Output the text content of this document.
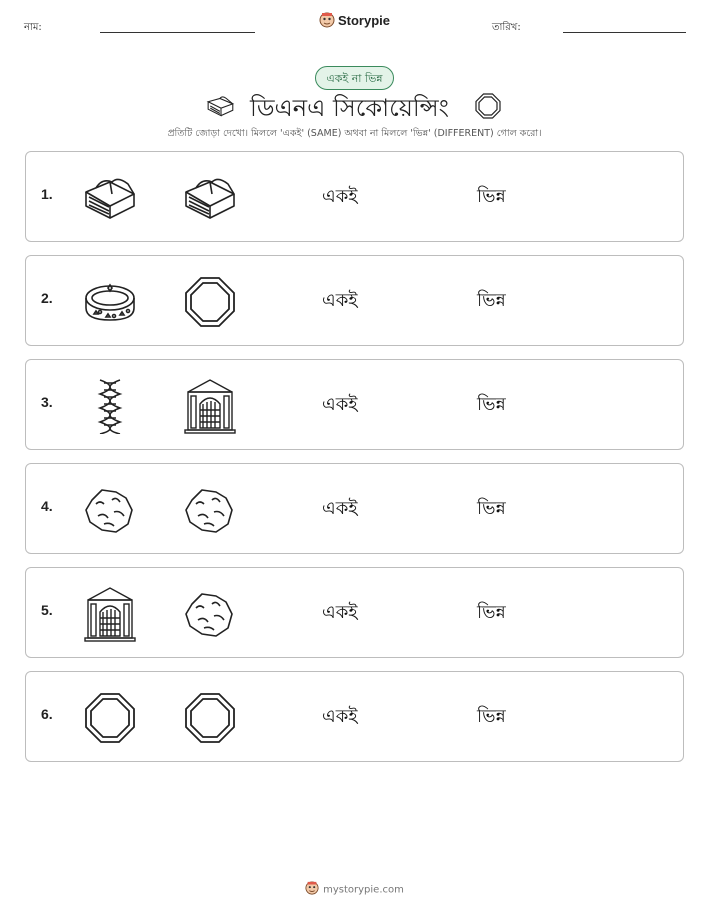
নাম:	Storypie	তারিখ:
একই না ভিন্ন
ডিএনএ সিকোয়েন্সিং
প্রতিটি জোড়া দেখো। মিললে 'একই' (SAME) অথবা না মিললে 'ভিন্ন' (DIFFERENT) গোল করো।
1.	একই	ভিন্ন
2.	একই	ভিন্ন
3.	একই	ভিন্ন
4.	একই	ভিন্ন
5.	একই	ভিন্ন
6.	একই	ভিন্ন
mystorypie.com
